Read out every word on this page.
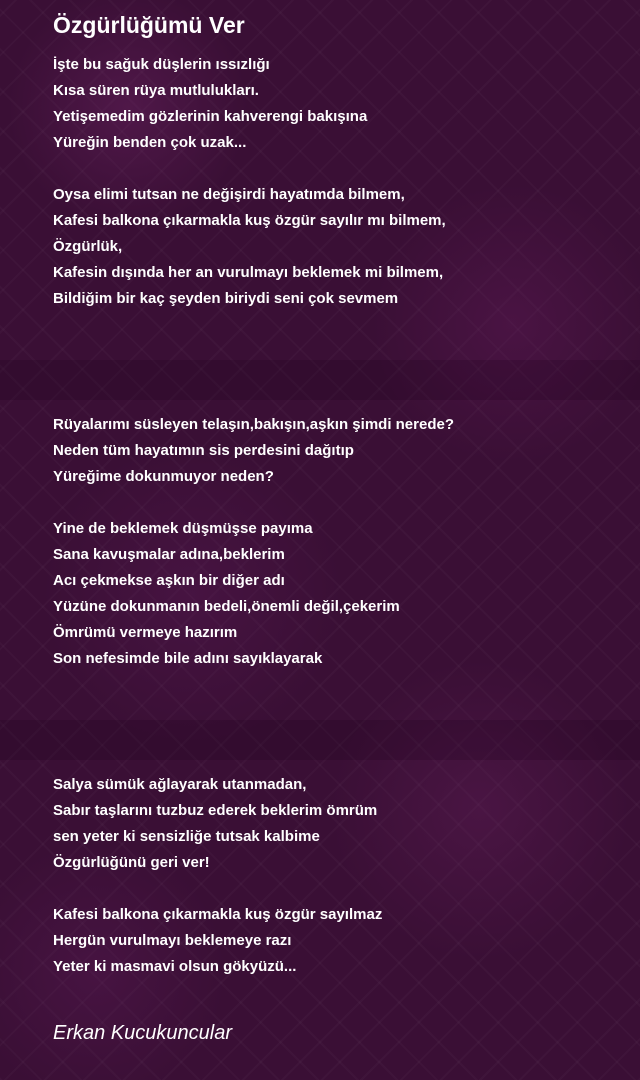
Özgürlüğümü Ver

İşte bu sağuk düşlerin ıssızlığı

Kısa süren rüya mutlulukları.

Yetişemedim gözlerinin kahverengi bakışına

Yüreğin benden çok uzak...

Oysa elimi tutsan ne değişirdi hayatımda bilmem,

Kafesi balkona çıkarmakla kuş özgür sayılır mı bilmem,

Özgürlük,

Kafesin dışında her an vurulmayı beklemek mi bilmem,

Bildiğim bir kaç şeyden biriydi seni çok sevmem

Rüyalarımı süsleyen telaşın,bakışın,aşkın şimdi nerede?

Neden tüm hayatımın sis perdesini dağıtıp

Yüreğime dokunmuyor neden?

Yine de beklemek düşmüşse payıma

Sana kavuşmalar adına,beklerim

Acı çekmekse aşkın bir diğer adı

Yüzüne dokunmanın bedeli,önemli değil,çekerim

Ömrümü vermeye hazırım

Son nefesimde bile adını sayıklayarak

Salya sümük ağlayarak utanmadan,

Sabır taşlarını tuzbuz ederek beklerim ömrüm

sen yeter ki sensizliğe tutsak kalbime

Özgürlüğünü geri ver!

Kafesi balkona çıkarmakla kuş özgür sayılmaz

Hergün vurulmayı beklemeye razı

Yeter ki masmavi olsun gökyüzü...

Erkan Kucukuncular
